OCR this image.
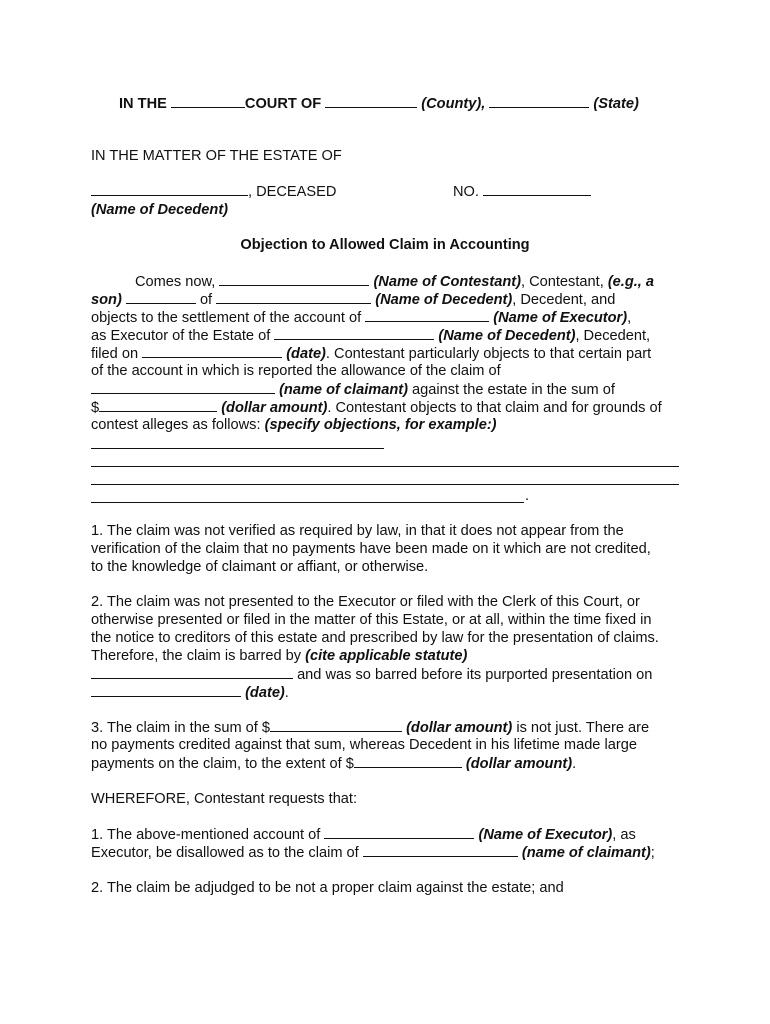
IN THE	COURT OF	(County),	(State)
IN THE MATTER OF THE ESTATE OF
, DECEASED	NO.
(Name of Decedent)
Objection to Allowed Claim in Accounting
Comes now,	(Name of Contestant), Contestant, (e.g., a
son)	of	(Name of Decedent), Decedent, and
objects to the settlement of the account of	(Name of Executor),
as Executor of the Estate of	(Name of Decedent), Decedent,
filed on	(date). Contestant particularly objects to that certain part
of the account in which is reported the allowance of the claim of
(name of claimant) against the estate in the sum of
$	(dollar amount). Contestant objects to that claim and for grounds of
contest alleges as follows: (specify objections, for example:)
.
1. The claim was not verified as required by law, in that it does not appear from the
verification of the claim that no payments have been made on it which are not credited,
to the knowledge of claimant or affiant, or otherwise.
2. The claim was not presented to the Executor or filed with the Clerk of this Court, or
otherwise presented or filed in the matter of this Estate, or at all, within the time fixed in
the notice to creditors of this estate and prescribed by law for the presentation of claims.
Therefore, the claim is barred by (cite applicable statute)
and was so barred before its purported presentation on
(date).
3. The claim in the sum of $	(dollar amount) is not just. There are
no payments credited against that sum, whereas Decedent in his lifetime made large
payments on the claim, to the extent of $	(dollar amount).
WHEREFORE, Contestant requests that:
1. The above-mentioned account of	(Name of Executor), as
Executor, be disallowed as to the claim of	(name of claimant);
2. The claim be adjudged to be not a proper claim against the estate; and
